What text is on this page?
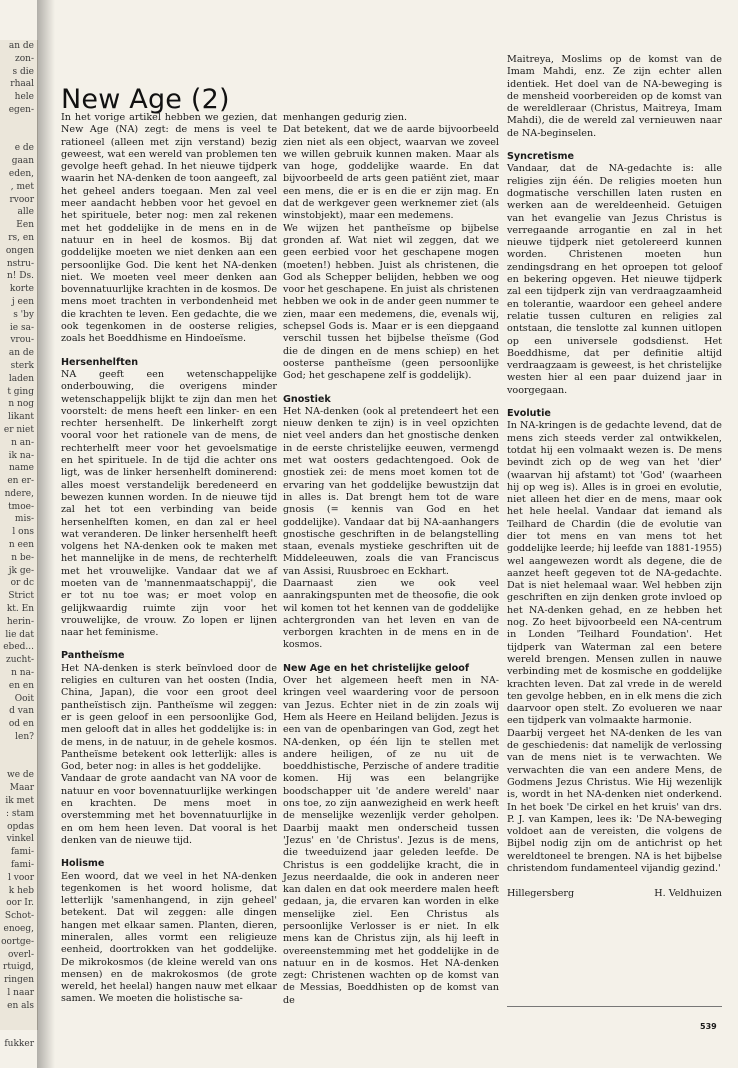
an de
zon-
s die
rhaal
hele
egen-
e de
gaan
eden,
, met
rvoor
alle
Een
rs, en
ongen
nstru-
n! Ds.
korte
j een
s 'by
ie sa-
vrou-
an de
sterk
laden
t ging
n nog
likant
er niet
n an-
ik na-
name
en er-
ndere,
tmoe-
mis-
l ons
n een
n be-
jk ge-
or dc
Strict
kt. En
herin-
lie dat
ebed...
zucht-
n na-
en en
Ooit
d van
od en
len?
we de
Maar
ik met
: stam
opdas
vinkel
fami-
fami-
l voor
k heb
oor Ir.
Schot-
enoeg,
oortge-
overl-
rtuigd,
ringen
l naar
en als
fukker
New Age (2)

In het vorige artikel hebben we gezien, dat New Age (NA) zegt: de mens is veel te rationeel (alleen met zijn verstand) bezig geweest, wat een wereld van problemen ten gevolge heeft gehad. In het nieuwe tijdperk waarin het NA-denken de toon aangeeft, zal het geheel anders toegaan. Men zal veel meer aandacht hebben voor het gevoel en het spirituele, beter nog: men zal rekenen met het goddelijke in de mens en in de natuur en in heel de kosmos. Bij dat goddelijke moeten we niet denken aan een persoonlijke God. Die kent het NA-denken niet. We moeten veel meer denken aan bovennatuurlijke krachten in de kosmos. De mens moet trachten in verbondenheid met die krachten te leven. Een gedachte, die we ook tegenkomen in de oosterse religies, zoals het Boeddhisme en Hindoeïsme.

Hersenhelften

NA geeft een wetenschappelijke onderbouwing, die overigens minder wetenschappelijk blijkt te zijn dan men het voorstelt: de mens heeft een linker- en een rechter hersenhelft. De linkerhelft zorgt vooral voor het rationele van de mens, de rechterhelft meer voor het gevoelsmatige en het spirituele. In de tijd die achter ons ligt, was de linker hersenhelft dominerend: alles moest verstandelijk beredeneerd en bewezen kunnen worden. In de nieuwe tijd zal het tot een verbinding van beide hersenhelften komen, en dan zal er heel wat veranderen. De linker hersenhelft heeft volgens het NA-denken ook te maken met het mannelijke in de mens, de rechterhelft met het vrouwelijke. Vandaar dat we af moeten van de 'mannenmaatschappij', die er tot nu toe was; er moet volop en gelijkwaardig ruimte zijn voor het vrouwelijke, de vrouw. Zo lopen er lijnen naar het feminisme.

Pantheïsme

Het NA-denken is sterk beïnvloed door de religies en culturen van het oosten (India, China, Japan), die voor een groot deel pantheïstisch zijn. Pantheïsme wil zeggen: er is geen geloof in een persoonlijke God, men gelooft dat in alles het goddelijke is: in de mens, in de natuur, in de gehele kosmos. Pantheïsme betekent ook letterlijk: alles is God, beter nog: in alles is het goddelijke.

Vandaar de grote aandacht van NA voor de natuur en voor bovennatuurlijke werkingen en krachten. De mens moet in overstemming met het bovennatuurlijke in en om hem heen leven. Dat vooral is het denken van de nieuwe tijd.

Holisme

Een woord, dat we veel in het NA-denken tegenkomen is het woord holisme, dat letterlijk 'samenhangend, in zijn geheel' betekent. Dat wil zeggen: alle dingen hangen met elkaar samen. Planten, dieren, mineralen, alles vormt een religieuze eenheid, doortrokken van het goddelijke. De mikrokosmos (de kleine wereld van ons mensen) en de makrokosmos (de grote wereld, het heelal) hangen nauw met elkaar samen. We moeten die holistische sa-

menhangen gedurig zien.

Dat betekent, dat we de aarde bijvoorbeeld zien niet als een object, waarvan we zoveel we willen gebruik kunnen maken. Maar als van hoge, goddelijke waarde. En dat bijvoorbeeld de arts geen patiënt ziet, maar een mens, die er is en die er zijn mag. En dat de werkgever geen werknemer ziet (als winstobjekt), maar een medemens.

We wijzen het pantheïsme op bijbelse gronden af. Wat niet wil zeggen, dat we geen eerbied voor het geschapene mogen (moeten!) hebben. Juist als christenen, die God als Schepper belijden, hebben we oog voor het geschapene. En juist als christenen hebben we ook in de ander geen nummer te zien, maar een medemens, die, evenals wij, schepsel Gods is. Maar er is een diepgaand verschil tussen het bijbelse theïsme (God die de dingen en de mens schiep) en het oosterse pantheïsme (geen persoonlijke God; het geschapene zelf is goddelijk).

Gnostiek

Het NA-denken (ook al pretendeert het een nieuw denken te zijn) is in veel opzichten niet veel anders dan het gnostische denken in de eerste christelijke eeuwen, vermengd met wat oosters gedachtengoed. Ook de gnostiek zei: de mens moet komen tot de ervaring van het goddelijke bewustzijn dat in alles is. Dat brengt hem tot de ware gnosis (= kennis van God en het goddelijke). Vandaar dat bij NA-aanhangers gnostische geschriften in de belangstelling staan, evenals mystieke geschriften uit de Middeleeuwen, zoals die van Franciscus van Assisi, Ruusbroec en Eckhart.

Daarnaast zien we ook veel aanrakingspunten met de theosofie, die ook wil komen tot het kennen van de goddelijke achtergronden van het leven en van de verborgen krachten in de mens en in de kosmos.

New Age en het christelijke geloof

Over het algemeen heeft men in NA-kringen veel waardering voor de persoon van Jezus. Echter niet in de zin zoals wij Hem als Heere en Heiland belijden. Jezus is een van de openbaringen van God, zegt het NA-denken, op één lijn te stellen met andere heiligen, of ze nu uit de boeddhistische, Perzische of andere traditie komen. Hij was een belangrijke boodschapper uit 'de andere wereld' naar ons toe, zo zijn aanwezigheid en werk heeft de menselijke wezenlijk verder geholpen. Daarbij maakt men onderscheid tussen 'Jezus' en 'de Christus'. Jezus is de mens, die tweeduizend jaar geleden leefde. De Christus is een goddelijke kracht, die in Jezus neerdaalde, die ook in anderen neer kan dalen en dat ook meerdere malen heeft gedaan, ja, die ervaren kan worden in elke menselijke ziel. Een Christus als persoonlijke Verlosser is er niet. In elk mens kan de Christus zijn, als hij leeft in overeenstemming met het goddelijke in de natuur en in de kosmos. Het NA-denken zegt: Christenen wachten op de komst van de Messias, Boeddhisten op de komst van de

Maitreya, Moslims op de komst van de Imam Mahdi, enz. Ze zijn echter allen identiek. Het doel van de NA-beweging is de mensheid voorbereiden op de komst van de wereldleraar (Christus, Maitreya, Imam Mahdi), die de wereld zal vernieuwen naar de NA-beginselen.

Syncretisme

Vandaar, dat de NA-gedachte is: alle religies zijn één. De religies moeten hun dogmatische verschillen laten rusten en werken aan de wereldeenheid. Getuigen van het evangelie van Jezus Christus is verregaande arrogantie en zal in het nieuwe tijdperk niet getolereerd kunnen worden. Christenen moeten hun zendingsdrang en het oproepen tot geloof en bekering opgeven. Het nieuwe tijdperk zal een tijdperk zijn van verdraagzaamheid en tolerantie, waardoor een geheel andere relatie tussen culturen en religies zal ontstaan, die tenslotte zal kunnen uitlopen op een universele godsdienst. Het Boeddhisme, dat per definitie altijd verdraagzaam is geweest, is het christelijke westen hier al een paar duizend jaar in voorgegaan.

Evolutie

In NA-kringen is de gedachte levend, dat de mens zich steeds verder zal ontwikkelen, totdat hij een volmaakt wezen is. De mens bevindt zich op de weg van het 'dier' (waarvan hij afstamt) tot 'God' (waarheen hij op weg is). Alles is in groei en evolutie, niet alleen het dier en de mens, maar ook het hele heelal. Vandaar dat iemand als Teilhard de Chardin (die de evolutie van dier tot mens en van mens tot het goddelijke leerde; hij leefde van 1881-1955) wel aangewezen wordt als degene, die de aanzet heeft gegeven tot de NA-gedachte. Dat is niet helemaal waar. Wel hebben zijn geschriften en zijn denken grote invloed op het NA-denken gehad, en ze hebben het nog. Zo heet bijvoorbeeld een NA-centrum in Londen 'Teilhard Foundation'. Het tijdperk van Waterman zal een betere wereld brengen. Mensen zullen in nauwe verbinding met de kosmische en goddelijke krachten leven. Dat zal vrede in de wereld ten gevolge hebben, en in elk mens die zich daarvoor open stelt. Zo evolueren we naar een tijdperk van volmaakte harmonie.

Daarbij vergeet het NA-denken de les van de geschiedenis: dat namelijk de verlossing van de mens niet is te verwachten. We verwachten die van een andere Mens, de Godmens Jezus Christus. Wie Hij wezenlijk is, wordt in het NA-denken niet onderkend. In het boek 'De cirkel en het kruis' van drs. P. J. van Kampen, lees ik: 'De NA-beweging voldoet aan de vereisten, die volgens de Bijbel nodig zijn om de antichrist op het wereldtoneel te brengen. NA is het bijbelse christendom fundamenteel vijandig gezind.'

Hillegersberg	H. Veldhuizen
539
